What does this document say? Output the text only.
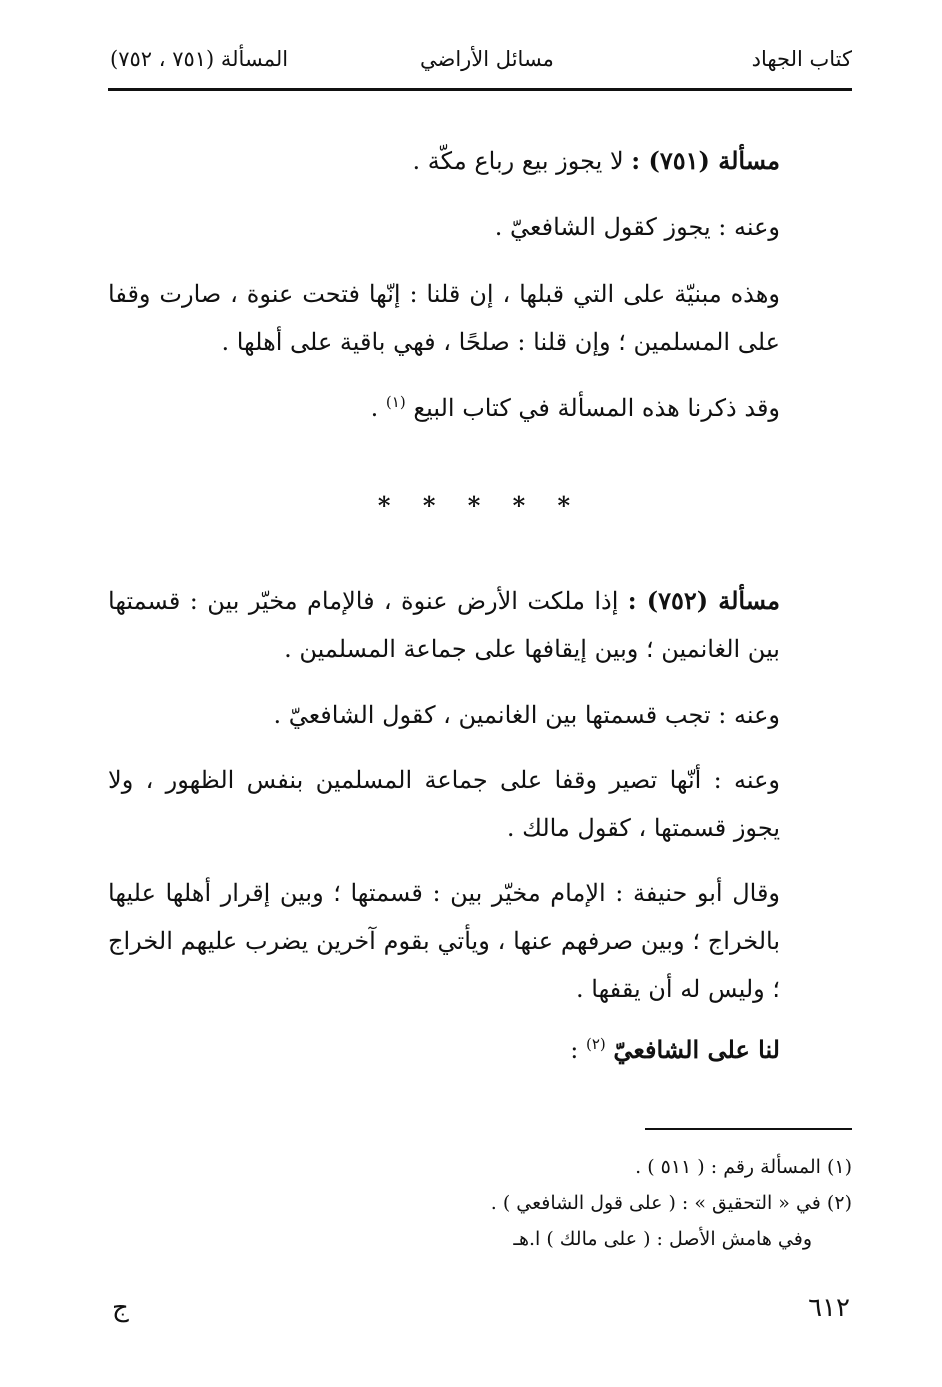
كتاب الجهاد
مسائل الأراضي
المسألة (٧٥١ ، ٧٥٢)
مسألة (٧٥١) : لا يجوز بيع رباع مكّة .
وعنه : يجوز كقول الشافعيّ .
وهذه مبنيّة على التي قبلها ، إن قلنا : إنّها فتحت عنوة ، صارت وقفا على المسلمين ؛ وإن قلنا : صلحًا ، فهي باقية على أهلها .
وقد ذكرنا هذه المسألة في كتاب البيع $^{(١)}$ .
* * * * *
مسألة (٧٥٢) : إذا ملكت الأرض عنوة ، فالإمام مخيّر بين : قسمتها بين الغانمين ؛ وبين إيقافها على جماعة المسلمين .
وعنه : تجب قسمتها بين الغانمين ، كقول الشافعيّ .
وعنه : أنّها تصير وقفا على جماعة المسلمين بنفس الظهور ، ولا يجوز قسمتها ، كقول مالك .
وقال أبو حنيفة : الإمام مخيّر بين : قسمتها ؛ وبين إقرار أهلها عليها بالخراج ؛ وبين صرفهم عنها ، ويأتي بقوم آخرين يضرب عليهم الخراج ؛ وليس له أن يقفها .
لنا على الشافعيّ $^{(٢)}$ :
(١) المسألة رقم : ( ٥١١ ) .
(٢) في « التحقيق » : ( على قول الشافعي ) .
وفي هامش الأصل : ( على مالك ) ا.هـ
٦١٢
ج
